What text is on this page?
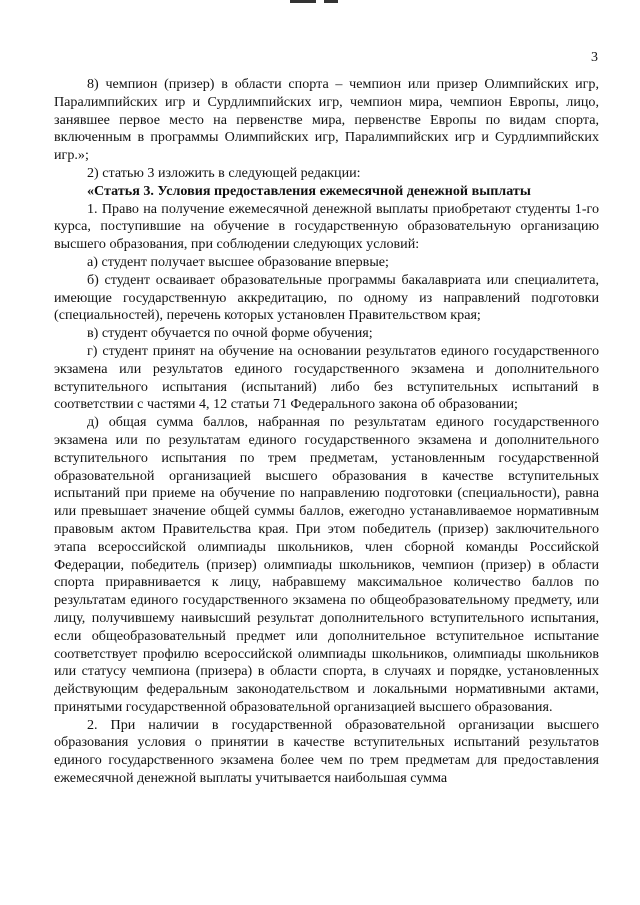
3

8) чемпион (призер) в области спорта – чемпион или призер Олимпийских игр, Паралимпийских игр и Сурдлимпийских игр, чемпион мира, чемпион Европы, лицо, занявшее первое место на первенстве мира, первенстве Европы по видам спорта, включенным в программы Олимпийских игр, Паралимпийских игр и Сурдлимпийских игр.»;

2) статью 3 изложить в следующей редакции:

«Статья 3. Условия предоставления ежемесячной денежной выплаты

1. Право на получение ежемесячной денежной выплаты приобретают студенты 1-го курса, поступившие на обучение в государственную образовательную организацию высшего образования, при соблюдении следующих условий:

а) студент получает высшее образование впервые;

б) студент осваивает образовательные программы бакалавриата или специалитета, имеющие государственную аккредитацию, по одному из направлений подготовки (специальностей), перечень которых установлен Правительством края;

в) студент обучается по очной форме обучения;

г) студент принят на обучение на основании результатов единого государственного экзамена или результатов единого государственного экзамена и дополнительного вступительного испытания (испытаний) либо без вступительных испытаний в соответствии с частями 4, 12 статьи 71 Федерального закона об образовании;

д) общая сумма баллов, набранная по результатам единого государственного экзамена или по результатам единого государственного экзамена и дополнительного вступительного испытания по трем предметам, установленным государственной образовательной организацией высшего образования в качестве вступительных испытаний при приеме на обучение по направлению подготовки (специальности), равна или превышает значение общей суммы баллов, ежегодно устанавливаемое нормативным правовым актом Правительства края. При этом победитель (призер) заключительного этапа всероссийской олимпиады школьников, член сборной команды Российской Федерации, победитель (призер) олимпиады школьников, чемпион (призер) в области спорта приравнивается к лицу, набравшему максимальное количество баллов по результатам единого государственного экзамена по общеобразовательному предмету, или лицу, получившему наивысший результат дополнительного вступительного испытания, если общеобразовательный предмет или дополнительное вступительное испытание соответствует профилю всероссийской олимпиады школьников, олимпиады школьников или статусу чемпиона (призера) в области спорта, в случаях и порядке, установленных действующим федеральным законодательством и локальными нормативными актами, принятыми государственной образовательной организацией высшего образования.

2. При наличии в государственной образовательной организации высшего образования условия о принятии в качестве вступительных испытаний результатов единого государственного экзамена более чем по трем предметам для предоставления ежемесячной денежной выплаты учитывается наибольшая сумма
